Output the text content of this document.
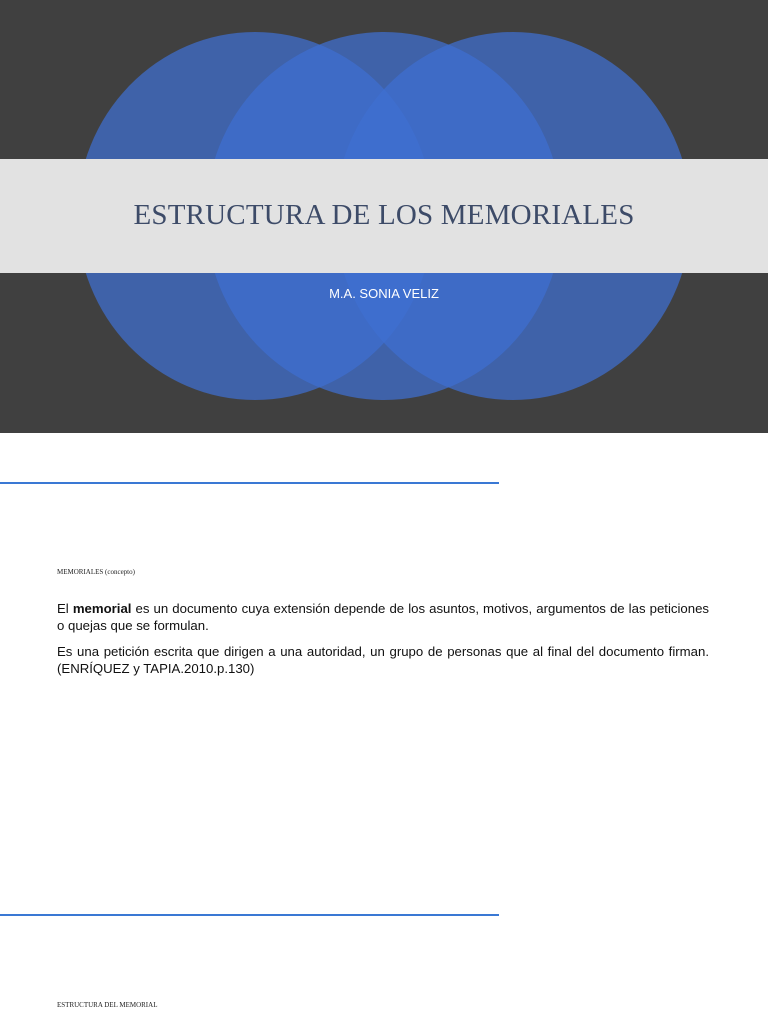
ESTRUCTURA DE LOS MEMORIALES
M.A. SONIA VELIZ
MEMORIALES (concepto)
El memorial es un documento cuya extensión depende de los asuntos, motivos, argumentos de las peticiones o quejas que se formulan.
Es una petición escrita que dirigen a una autoridad, un grupo de personas que al final del documento firman. (ENRÍQUEZ y TAPIA.2010.p.130)
ESTRUCTURA DEL MEMORIAL
